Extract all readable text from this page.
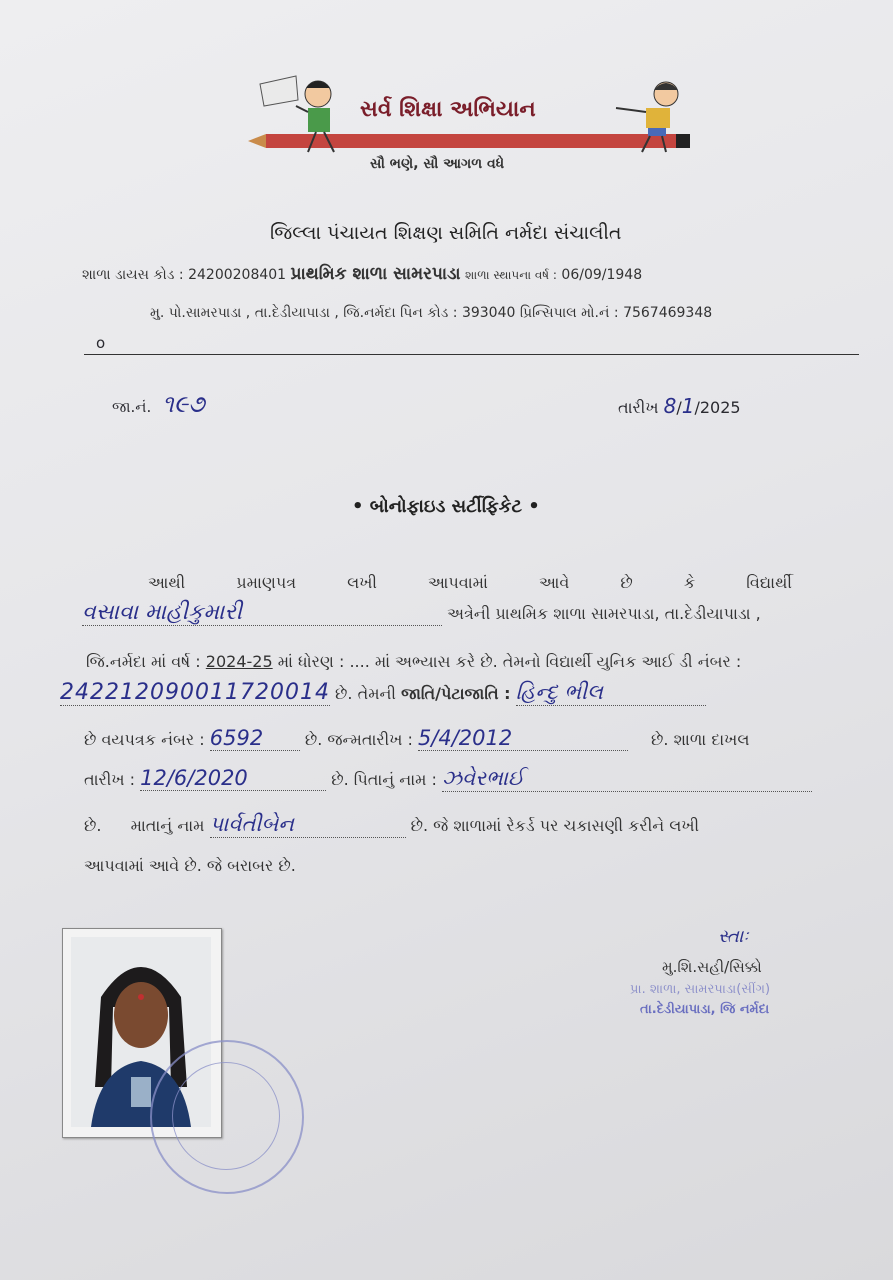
સર્વ શિક્ષા અભિયાન
સૌ ભણે, સૌ આગળ વધે
જિલ્લા પંચાયત શિક્ષણ સમિતિ નર્મદા સંચાલીત
શાળા ડાયસ કોડ : 24200208401 પ્રાથમિક શાળા સામરપાડા શાળા સ્થાપના વર્ષ : 06/09/1948
મુ. પો.સામરપાડા , તા.દેડીયાપાડા , જિ.નર્મદા પિન કોડ : 393040 પ્રિન્સિપાલ મો.નં : 7567469348
o
જા.નં. ૧૯૭	તારીખ 8/1/2025
• બોનોફાઇડ સર્ટીફિકેટ •
આથી પ્રમાણપત્ર લખી આપવામાં આવે છે કે વિદ્યાર્થી
વસાવા માહીકુમારી	અત્રેની પ્રાથમિક શાળા સામરપાડા, તા.દેડીયાપાડા ,
જિ.નર્મદા માં વર્ષ : 2024-25 માં ધોરણ : .... માં અભ્યાસ કરે છે. તેમનો વિદ્યાર્થી યુનિક આઈ ડી નંબર :
242212090011720014 છે. તેમની જાતિ/પેટાજાતિ : હિન્દુ ભીલ
છે વયપત્રક નંબર : 6592	છે. જન્મતારીખ : 5/4/2012	છે. શાળા દાખલ
તારીખ : 12/6/2020	છે. પિતાનું નામ : ઝવેરભાઈ
છે. માતાનું નામ પાર્વતીબેન	છે. જે શાળામાં રેકર્ડ પર ચકાસણી કરીને લખી
આપવામાં આવે છે. જે બરાબર છે.
સ્તાઃ
મુ.શિ.સહી/સિક્કો
પ્રા. શાળા, સામરપાડા(સીંગ)
તા.દેડીયાપાડા, જિ નર્મદા
